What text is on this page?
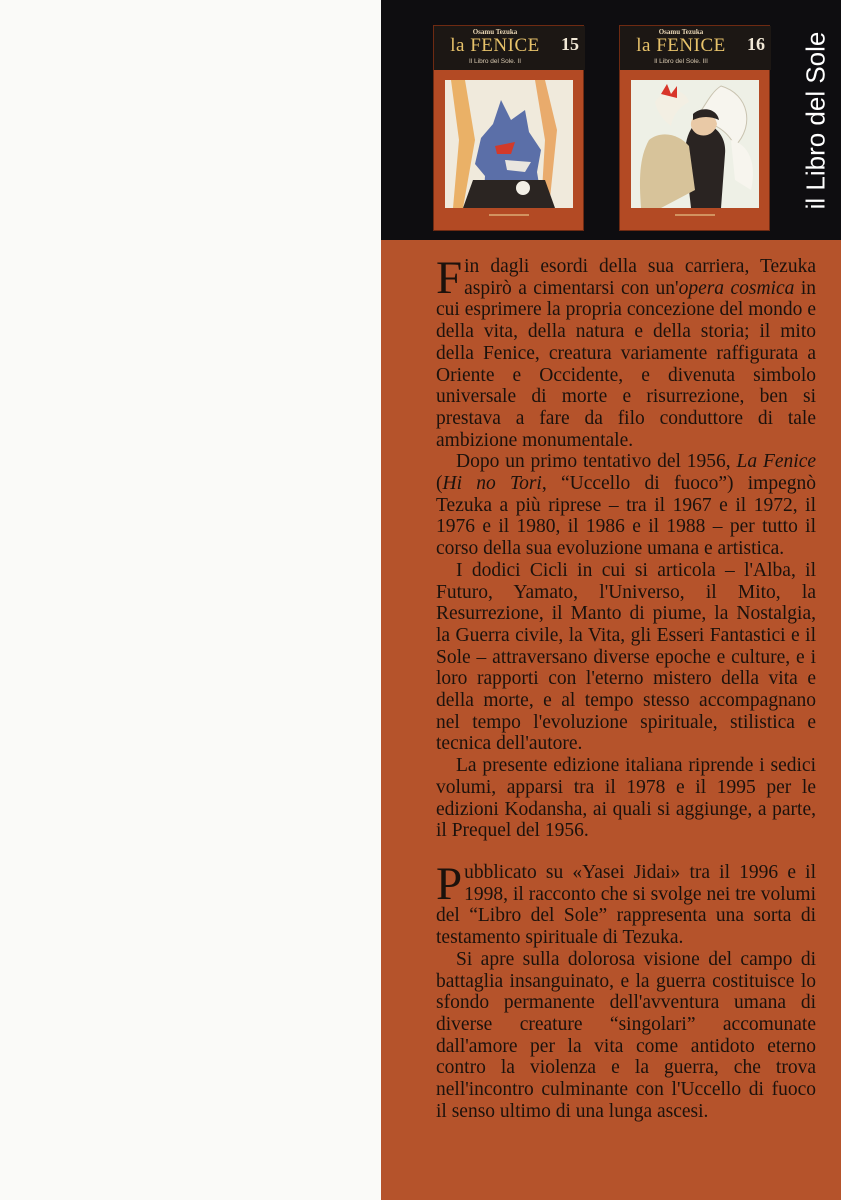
Osamu Tezuka
la FENICE
Il Libro del Sole. II
15
Osamu Tezuka
la FENICE
Il Libro del Sole. III
16 il Libro del Sole

Fin dagli esordi della sua carriera, Tezuka aspirò a cimentarsi con un'opera cosmica in cui esprimere la propria concezione del mondo e della vita, della natura e della storia; il mito della Fenice, creatura variamente raffigurata a Oriente e Occidente, e divenuta simbolo universale di morte e risurrezione, ben si prestava a fare da filo conduttore di tale ambizione monumentale.

Dopo un primo tentativo del 1956, La Fenice (Hi no Tori, “Uccello di fuoco”) impegnò Tezuka a più riprese – tra il 1967 e il 1972, il 1976 e il 1980, il 1986 e il 1988 – per tutto il corso della sua evoluzione umana e artistica.

I dodici Cicli in cui si articola – l'Alba, il Futuro, Yamato, l'Universo, il Mito, la Resurrezione, il Manto di piume, la Nostalgia, la Guerra civile, la Vita, gli Esseri Fantastici e il Sole – attraversano diverse epoche e culture, e i loro rapporti con l'eterno mistero della vita e della morte, e al tempo stesso accompagnano nel tempo l'evoluzione spirituale, stilistica e tecnica dell'autore.

La presente edizione italiana riprende i sedici volumi, apparsi tra il 1978 e il 1995 per le edizioni Kodansha, ai quali si aggiunge, a parte, il Prequel del 1956.

Pubblicato su «Yasei Jidai» tra il 1996 e il 1998, il racconto che si svolge nei tre volumi del “Libro del Sole” rappresenta una sorta di testamento spirituale di Tezuka.

Si apre sulla dolorosa visione del campo di battaglia insanguinato, e la guerra costituisce lo sfondo permanente dell'avventura umana di diverse creature “singolari” accomunate dall'amore per la vita come antidoto eterno contro la violenza e la guerra, che trova nell'incontro culminante con l'Uccello di fuoco il senso ultimo di una lunga ascesi.
